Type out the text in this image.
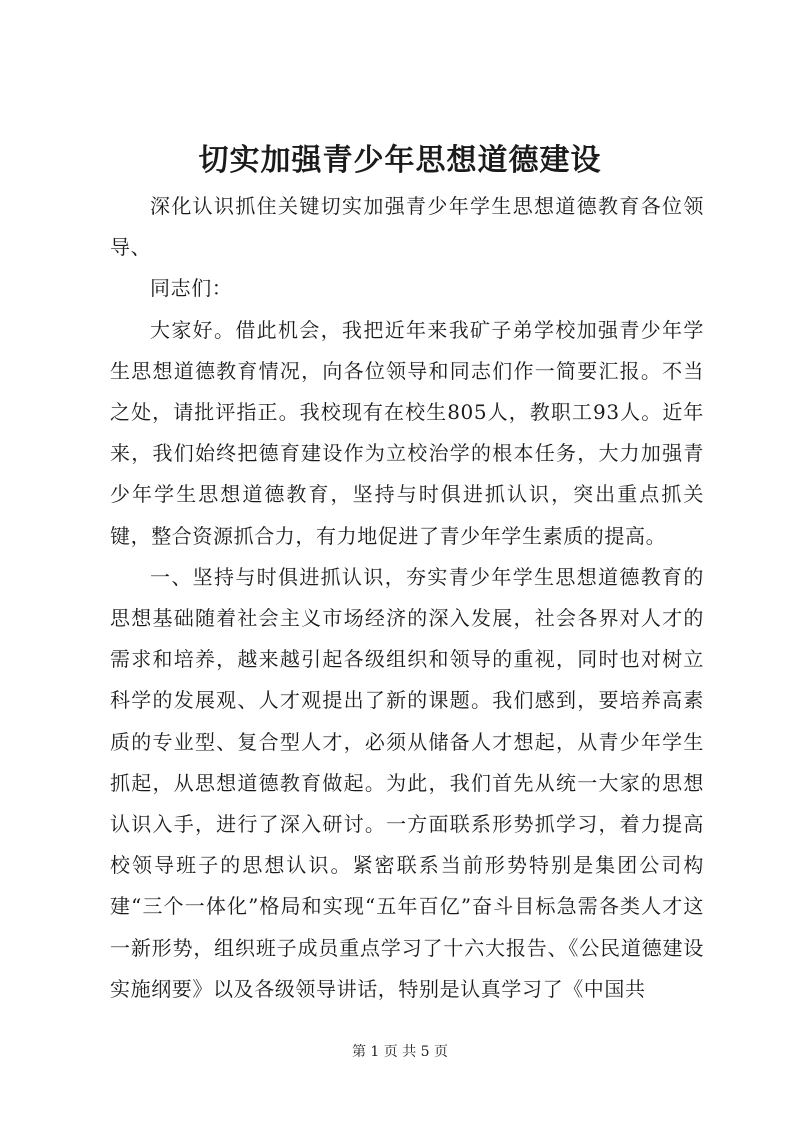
切实加强青少年思想道德建设

深化认识抓住关键切实加强青少年学生思想道德教育各位领导、

同志们：

大家好。借此机会，我把近年来我矿子弟学校加强青少年学生思想道德教育情况，向各位领导和同志们作一简要汇报。不当之处，请批评指正。我校现有在校生805人，教职工93人。近年来，我们始终把德育建设作为立校治学的根本任务，大力加强青少年学生思想道德教育，坚持与时俱进抓认识，突出重点抓关键，整合资源抓合力，有力地促进了青少年学生素质的提高。

一、坚持与时俱进抓认识，夯实青少年学生思想道德教育的思想基础随着社会主义市场经济的深入发展，社会各界对人才的需求和培养，越来越引起各级组织和领导的重视，同时也对树立科学的发展观、人才观提出了新的课题。我们感到，要培养高素质的专业型、复合型人才，必须从储备人才想起，从青少年学生抓起，从思想道德教育做起。为此，我们首先从统一大家的思想认识入手，进行了深入研讨。一方面联系形势抓学习，着力提高校领导班子的思想认识。紧密联系当前形势特别是集团公司构建“三个一体化”格局和实现“五年百亿”奋斗目标急需各类人才这一新形势，组织班子成员重点学习了十六大报告、《公民道德建设实施纲要》以及各级领导讲话，特别是认真学习了《中国共

第 1 页 共 5 页
